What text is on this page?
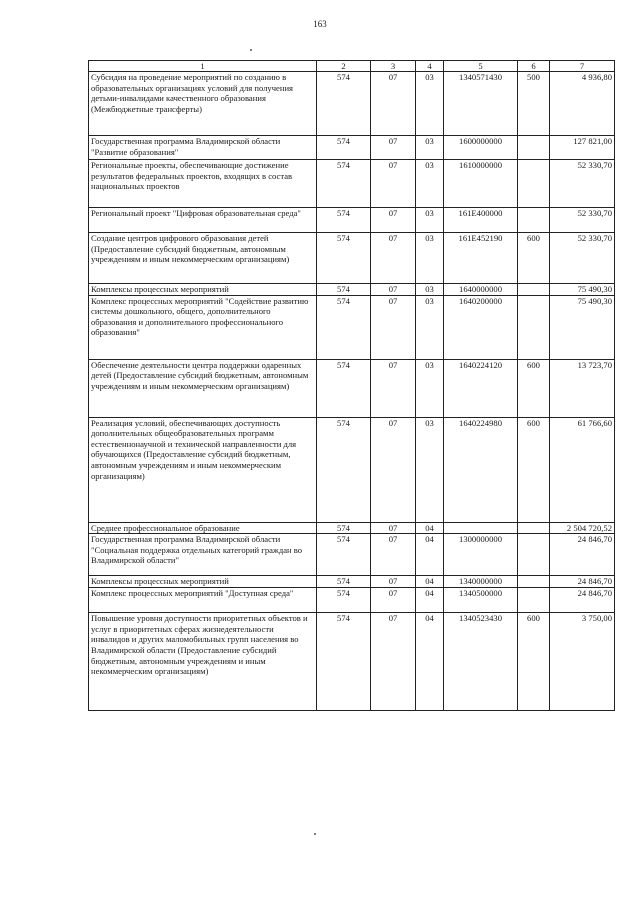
163
1	2	3	4	5	6	7
Субсидия на проведение мероприятий по созданию в образовательных организациях условий для получения детьми-инвалидами качественного образования (Межбюджетные трансферты)	574	07	03	1340571430	500	4 936,80
Государственная программа Владимирской области "Развитие образования"	574	07	03	1600000000		127 821,00
Региональные проекты, обеспечивающие достижение результатов федеральных проектов, входящих в состав национальных проектов	574	07	03	1610000000		52 330,70
Региональный проект "Цифровая образовательная среда"	574	07	03	161E400000		52 330,70
Создание центров цифрового образования детей (Предоставление субсидий бюджетным, автономным учреждениям и иным некоммерческим организациям)	574	07	03	161E452190	600	52 330,70
Комплексы процессных мероприятий	574	07	03	1640000000		75 490,30
Комплекс процессных мероприятий "Содействие развитию системы дошкольного, общего, дополнительного образования и дополнительного профессионального образования"	574	07	03	1640200000		75 490,30
Обеспечение деятельности центра поддержки одаренных детей (Предоставление субсидий бюджетным, автономным учреждениям и иным некоммерческим организациям)	574	07	03	1640224120	600	13 723,70
Реализация условий, обеспечивающих доступность дополнительных общеобразовательных программ естественнонаучной и технической направленности для обучающихся (Предоставление субсидий бюджетным, автономным учреждениям и иным некоммерческим организациям)	574	07	03	1640224980	600	61 766,60
Среднее профессиональное образование	574	07	04			2 504 720,52
Государственная программа Владимирской области "Социальная поддержка отдельных категорий граждан во Владимирской области"	574	07	04	1300000000		24 846,70
Комплексы процессных мероприятий	574	07	04	1340000000		24 846,70
Комплекс процессных мероприятий "Доступная среда"	574	07	04	1340500000		24 846,70
Повышение уровня доступности приоритетных объектов и услуг в приоритетных сферах жизнедеятельности инвалидов и других маломобильных групп населения во Владимирской области (Предоставление субсидий бюджетным, автономным учреждениям и иным некоммерческим организациям)	574	07	04	1340523430	600	3 750,00
